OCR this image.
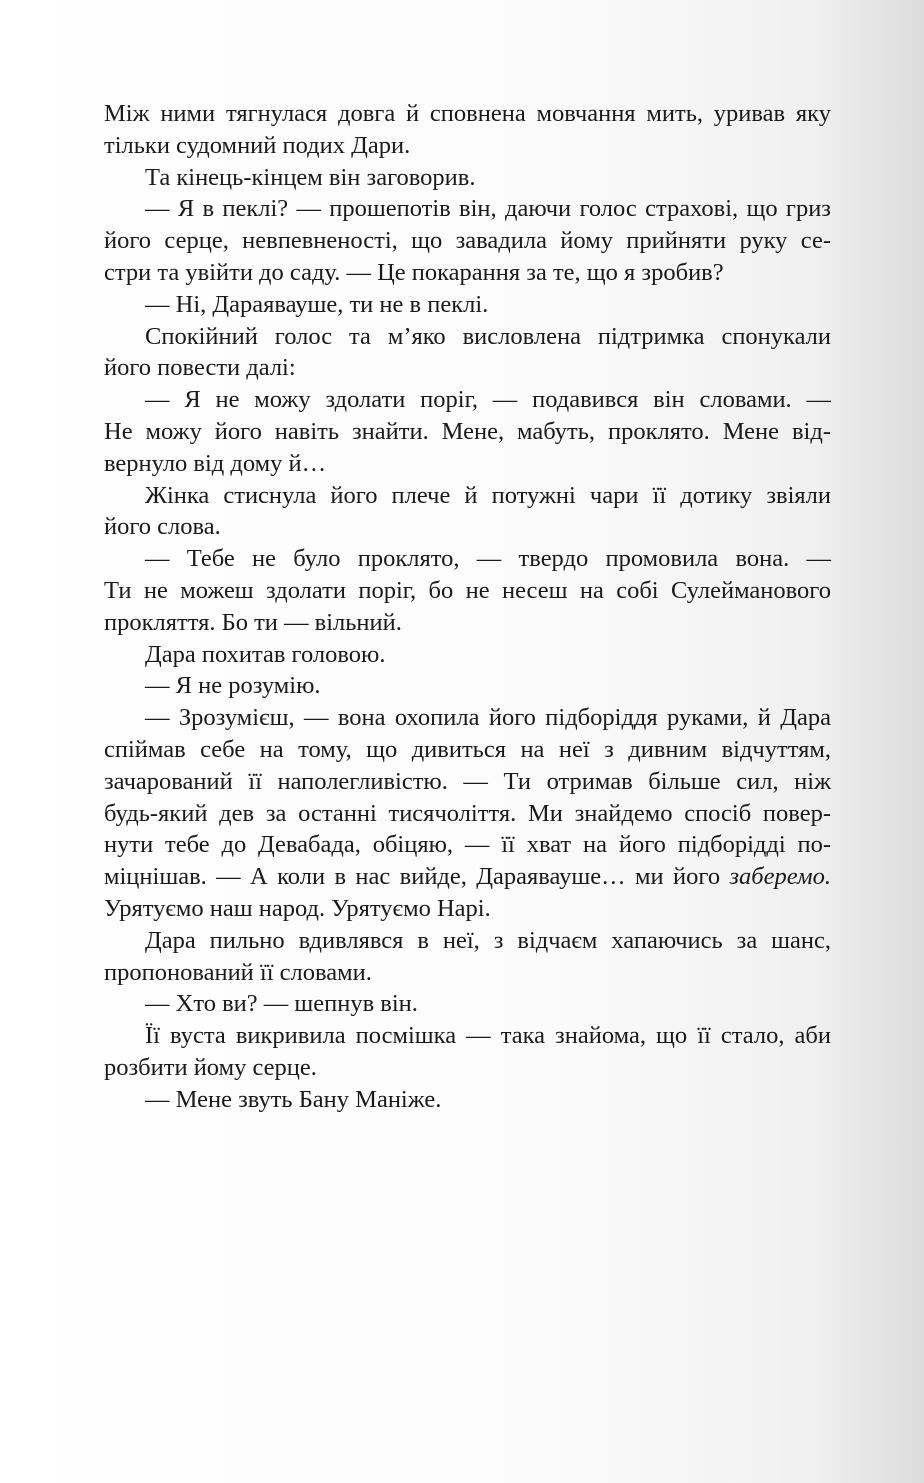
Між ними тягнулася довга й сповнена мовчання мить, уривав яку
тільки судомний подих Дари.
Та кінець-кінцем він заговорив.
— Я в пеклі? — прошепотів він, даючи голос страхові, що гриз
його серце, невпевненості, що завадила йому прийняти руку се-
стри та увійти до саду. — Це покарання за те, що я зробив?
— Ні, Дараявауше, ти не в пеклі.
Спокійний голос та м’яко висловлена підтримка спонукали
його повести далі:
— Я не можу здолати поріг, — подавився він словами. —
Не можу його навіть знайти. Мене, мабуть, проклято. Мене від-
вернуло від дому й…
Жінка стиснула його плече й потужні чари її дотику звіяли
його слова.
— Тебе не було проклято, — твердо промовила вона. —
Ти не можеш здолати поріг, бо не несеш на собі Сулейманового
прокляття. Бо ти — вільний.
Дара похитав головою.
— Я не розумію.
— Зрозумієш, — вона охопила його підборіддя руками, й Дара
спіймав себе на тому, що дивиться на неї з дивним відчуттям,
зачарований її наполегливістю. — Ти отримав більше сил, ніж
будь-який дев за останні тисячоліття. Ми знайдемо спосіб повер-
нути тебе до Девабада, обіцяю, — її хват на його підборідді по-
міцнішав. — А коли в нас вийде, Дараявауше… ми його заберемо.
Урятуємо наш народ. Урятуємо Нарі.
Дара пильно вдивлявся в неї, з відчаєм хапаючись за шанс,
пропонований її словами.
— Хто ви? — шепнув він.
Її вуста викривила посмішка — така знайома, що її стало, аби
розбити йому серце.
— Мене звуть Бану Маніже.
